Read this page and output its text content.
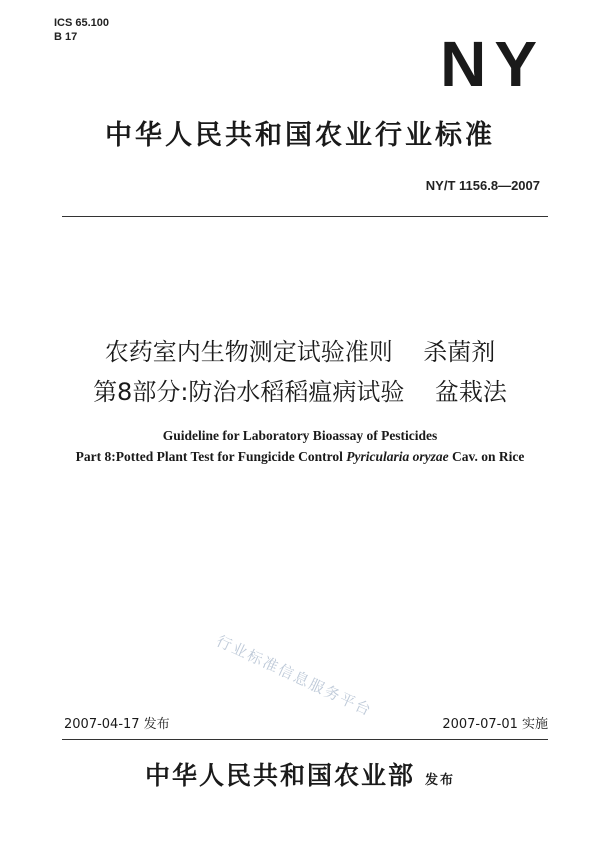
ICS 65.100
B 17	NY
中华人民共和国农业行业标准
NY/T 1156.8—2007
农药室内生物测定试验准则    杀菌剂
第8部分:防治水稻稻瘟病试验    盆栽法
Guideline for Laboratory Bioassay of Pesticides
Part 8:Potted Plant Test for Fungicide Control Pyricularia oryzae Cav. on Rice
行业标准信息服务平台
2007-04-17 发布	2007-07-01 实施
中华人民共和国农业部 发布
